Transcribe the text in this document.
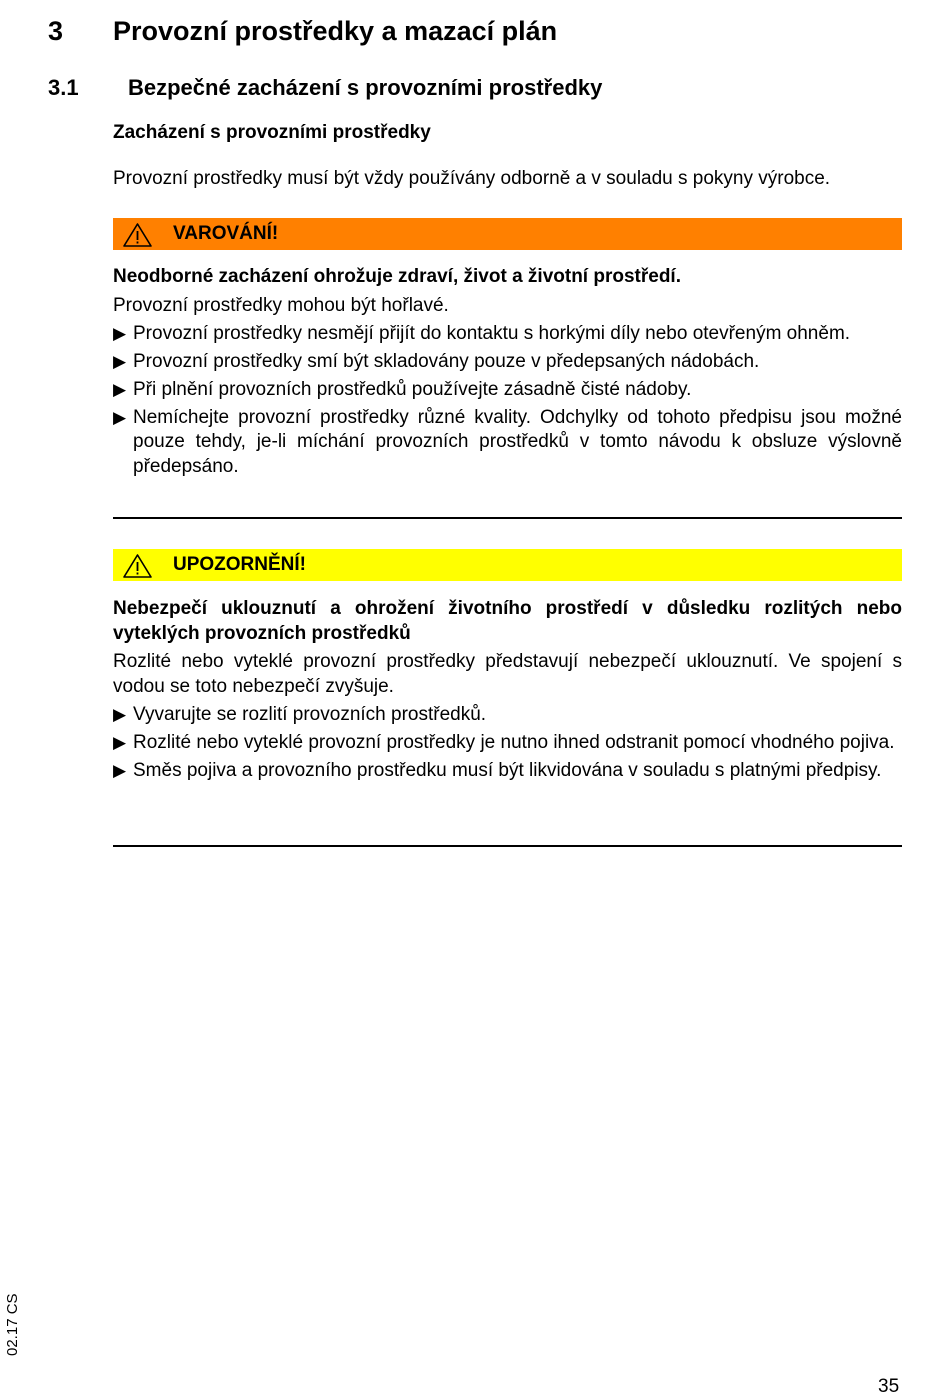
3 Provozní prostředky a mazací plán
3.1 Bezpečné zacházení s provozními prostředky
Zacházení s provozními prostředky
Provozní prostředky musí být vždy používány odborně a v souladu s pokyny výrobce.
VAROVÁNÍ!

Neodborné zacházení ohrožuje zdraví, život a životní prostředí.

Provozní prostředky mohou být hořlavé.

▶ Provozní prostředky nesmějí přijít do kontaktu s horkými díly nebo otevřeným ohněm.
▶ Provozní prostředky smí být skladovány pouze v předepsaných nádobách.
▶ Při plnění provozních prostředků používejte zásadně čisté nádoby.
▶ Nemíchejte provozní prostředky různé kvality. Odchylky od tohoto předpisu jsou možné pouze tehdy, je-li míchání provozních prostředků v tomto návodu k obsluze výslovně předepsáno.
UPOZORNĚNÍ!

Nebezpečí uklouznutí a ohrožení životního prostředí v důsledku rozlitých nebo vyteklých provozních prostředků

Rozlité nebo vyteklé provozní prostředky představují nebezpečí uklouznutí. Ve spojení s vodou se toto nebezpečí zvyšuje.

▶ Vyvarujte se rozlití provozních prostředků.
▶ Rozlité nebo vyteklé provozní prostředky je nutno ihned odstranit pomocí vhodného pojiva.
▶ Směs pojiva a provozního prostředku musí být likvidována v souladu s platnými předpisy.
02.17 CS
35
